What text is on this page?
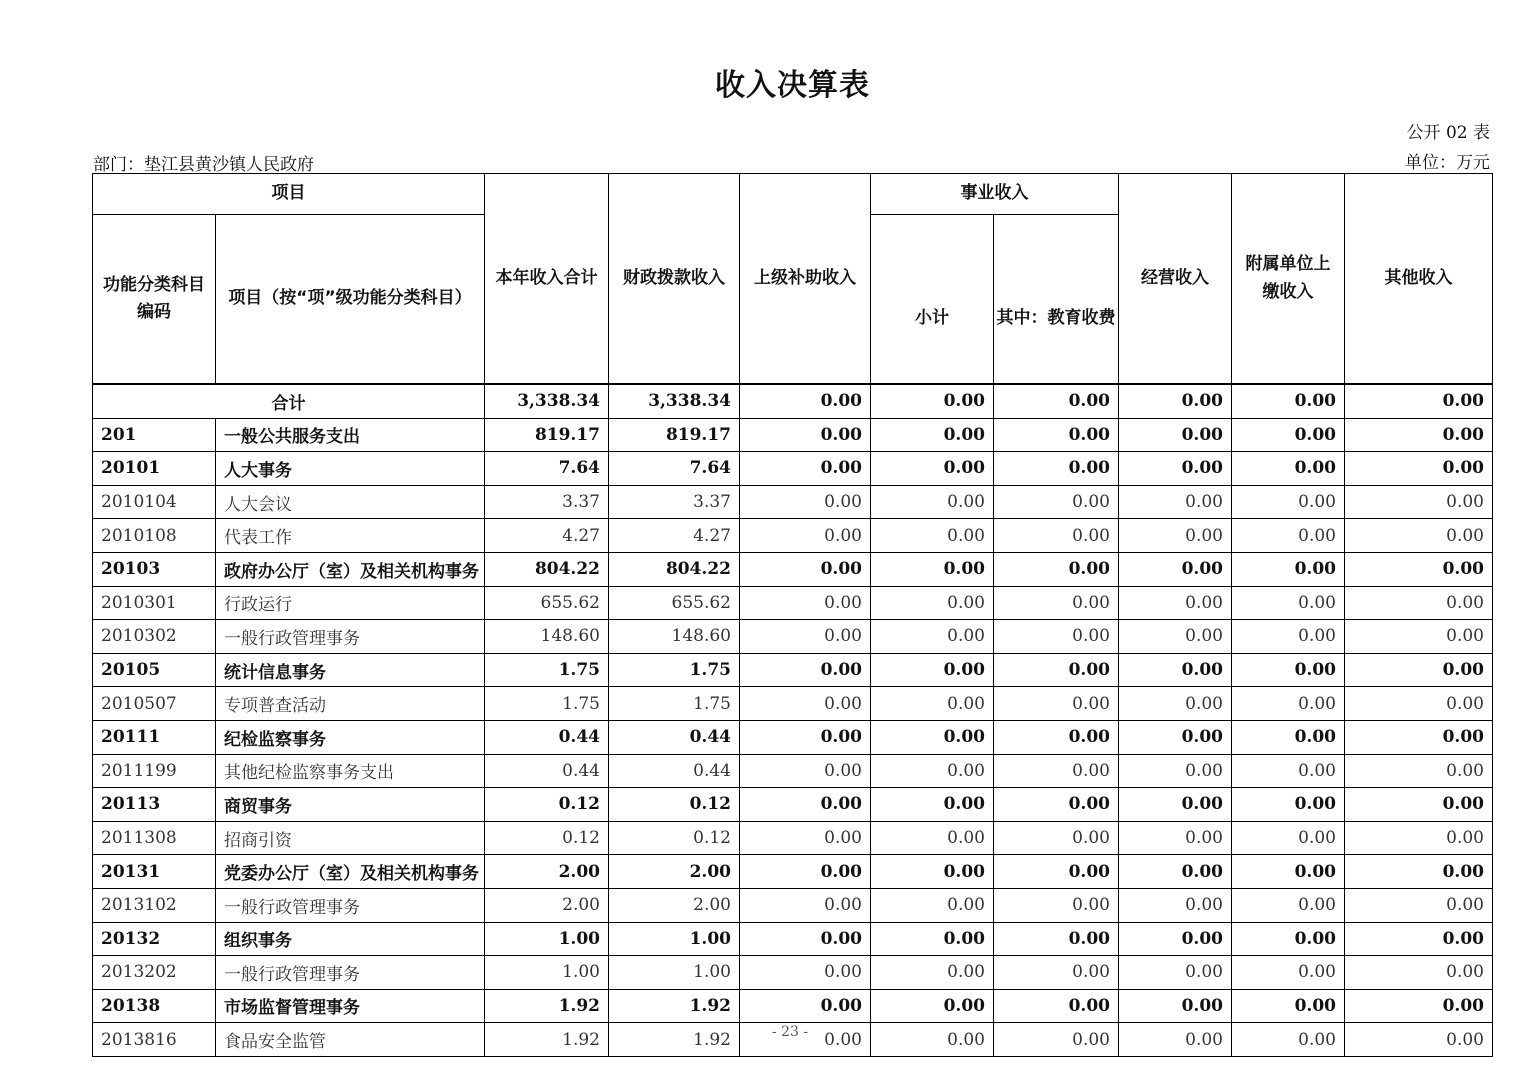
收入决算表
公开 02 表
部门：垫江县黄沙镇人民政府	单位：万元
项目		本年收入合计	财政拨款收入	上级补助收入	事业收入		经营收入	附属单位上缴收入	其他收入
功能分类科目编码	项目（按“项”级功能分类科目）				小计	其中：教育收费			
合计		3,338.34	3,338.34	0.00	0.00	0.00	0.00	0.00	0.00
201	一般公共服务支出	819.17	819.17	0.00	0.00	0.00	0.00	0.00	0.00
20101	人大事务	7.64	7.64	0.00	0.00	0.00	0.00	0.00	0.00
2010104	人大会议	3.37	3.37	0.00	0.00	0.00	0.00	0.00	0.00
2010108	代表工作	4.27	4.27	0.00	0.00	0.00	0.00	0.00	0.00
20103	政府办公厅（室）及相关机构事务	804.22	804.22	0.00	0.00	0.00	0.00	0.00	0.00
2010301	行政运行	655.62	655.62	0.00	0.00	0.00	0.00	0.00	0.00
2010302	一般行政管理事务	148.60	148.60	0.00	0.00	0.00	0.00	0.00	0.00
20105	统计信息事务	1.75	1.75	0.00	0.00	0.00	0.00	0.00	0.00
2010507	专项普查活动	1.75	1.75	0.00	0.00	0.00	0.00	0.00	0.00
20111	纪检监察事务	0.44	0.44	0.00	0.00	0.00	0.00	0.00	0.00
2011199	其他纪检监察事务支出	0.44	0.44	0.00	0.00	0.00	0.00	0.00	0.00
20113	商贸事务	0.12	0.12	0.00	0.00	0.00	0.00	0.00	0.00
2011308	招商引资	0.12	0.12	0.00	0.00	0.00	0.00	0.00	0.00
20131	党委办公厅（室）及相关机构事务	2.00	2.00	0.00	0.00	0.00	0.00	0.00	0.00
2013102	一般行政管理事务	2.00	2.00	0.00	0.00	0.00	0.00	0.00	0.00
20132	组织事务	1.00	1.00	0.00	0.00	0.00	0.00	0.00	0.00
2013202	一般行政管理事务	1.00	1.00	0.00	0.00	0.00	0.00	0.00	0.00
20138	市场监督管理事务	1.92	1.92	0.00	0.00	0.00	0.00	0.00	0.00
2013816	食品安全监管	1.92	1.92	0.00	0.00	0.00	0.00	0.00	0.00
- 23 -
